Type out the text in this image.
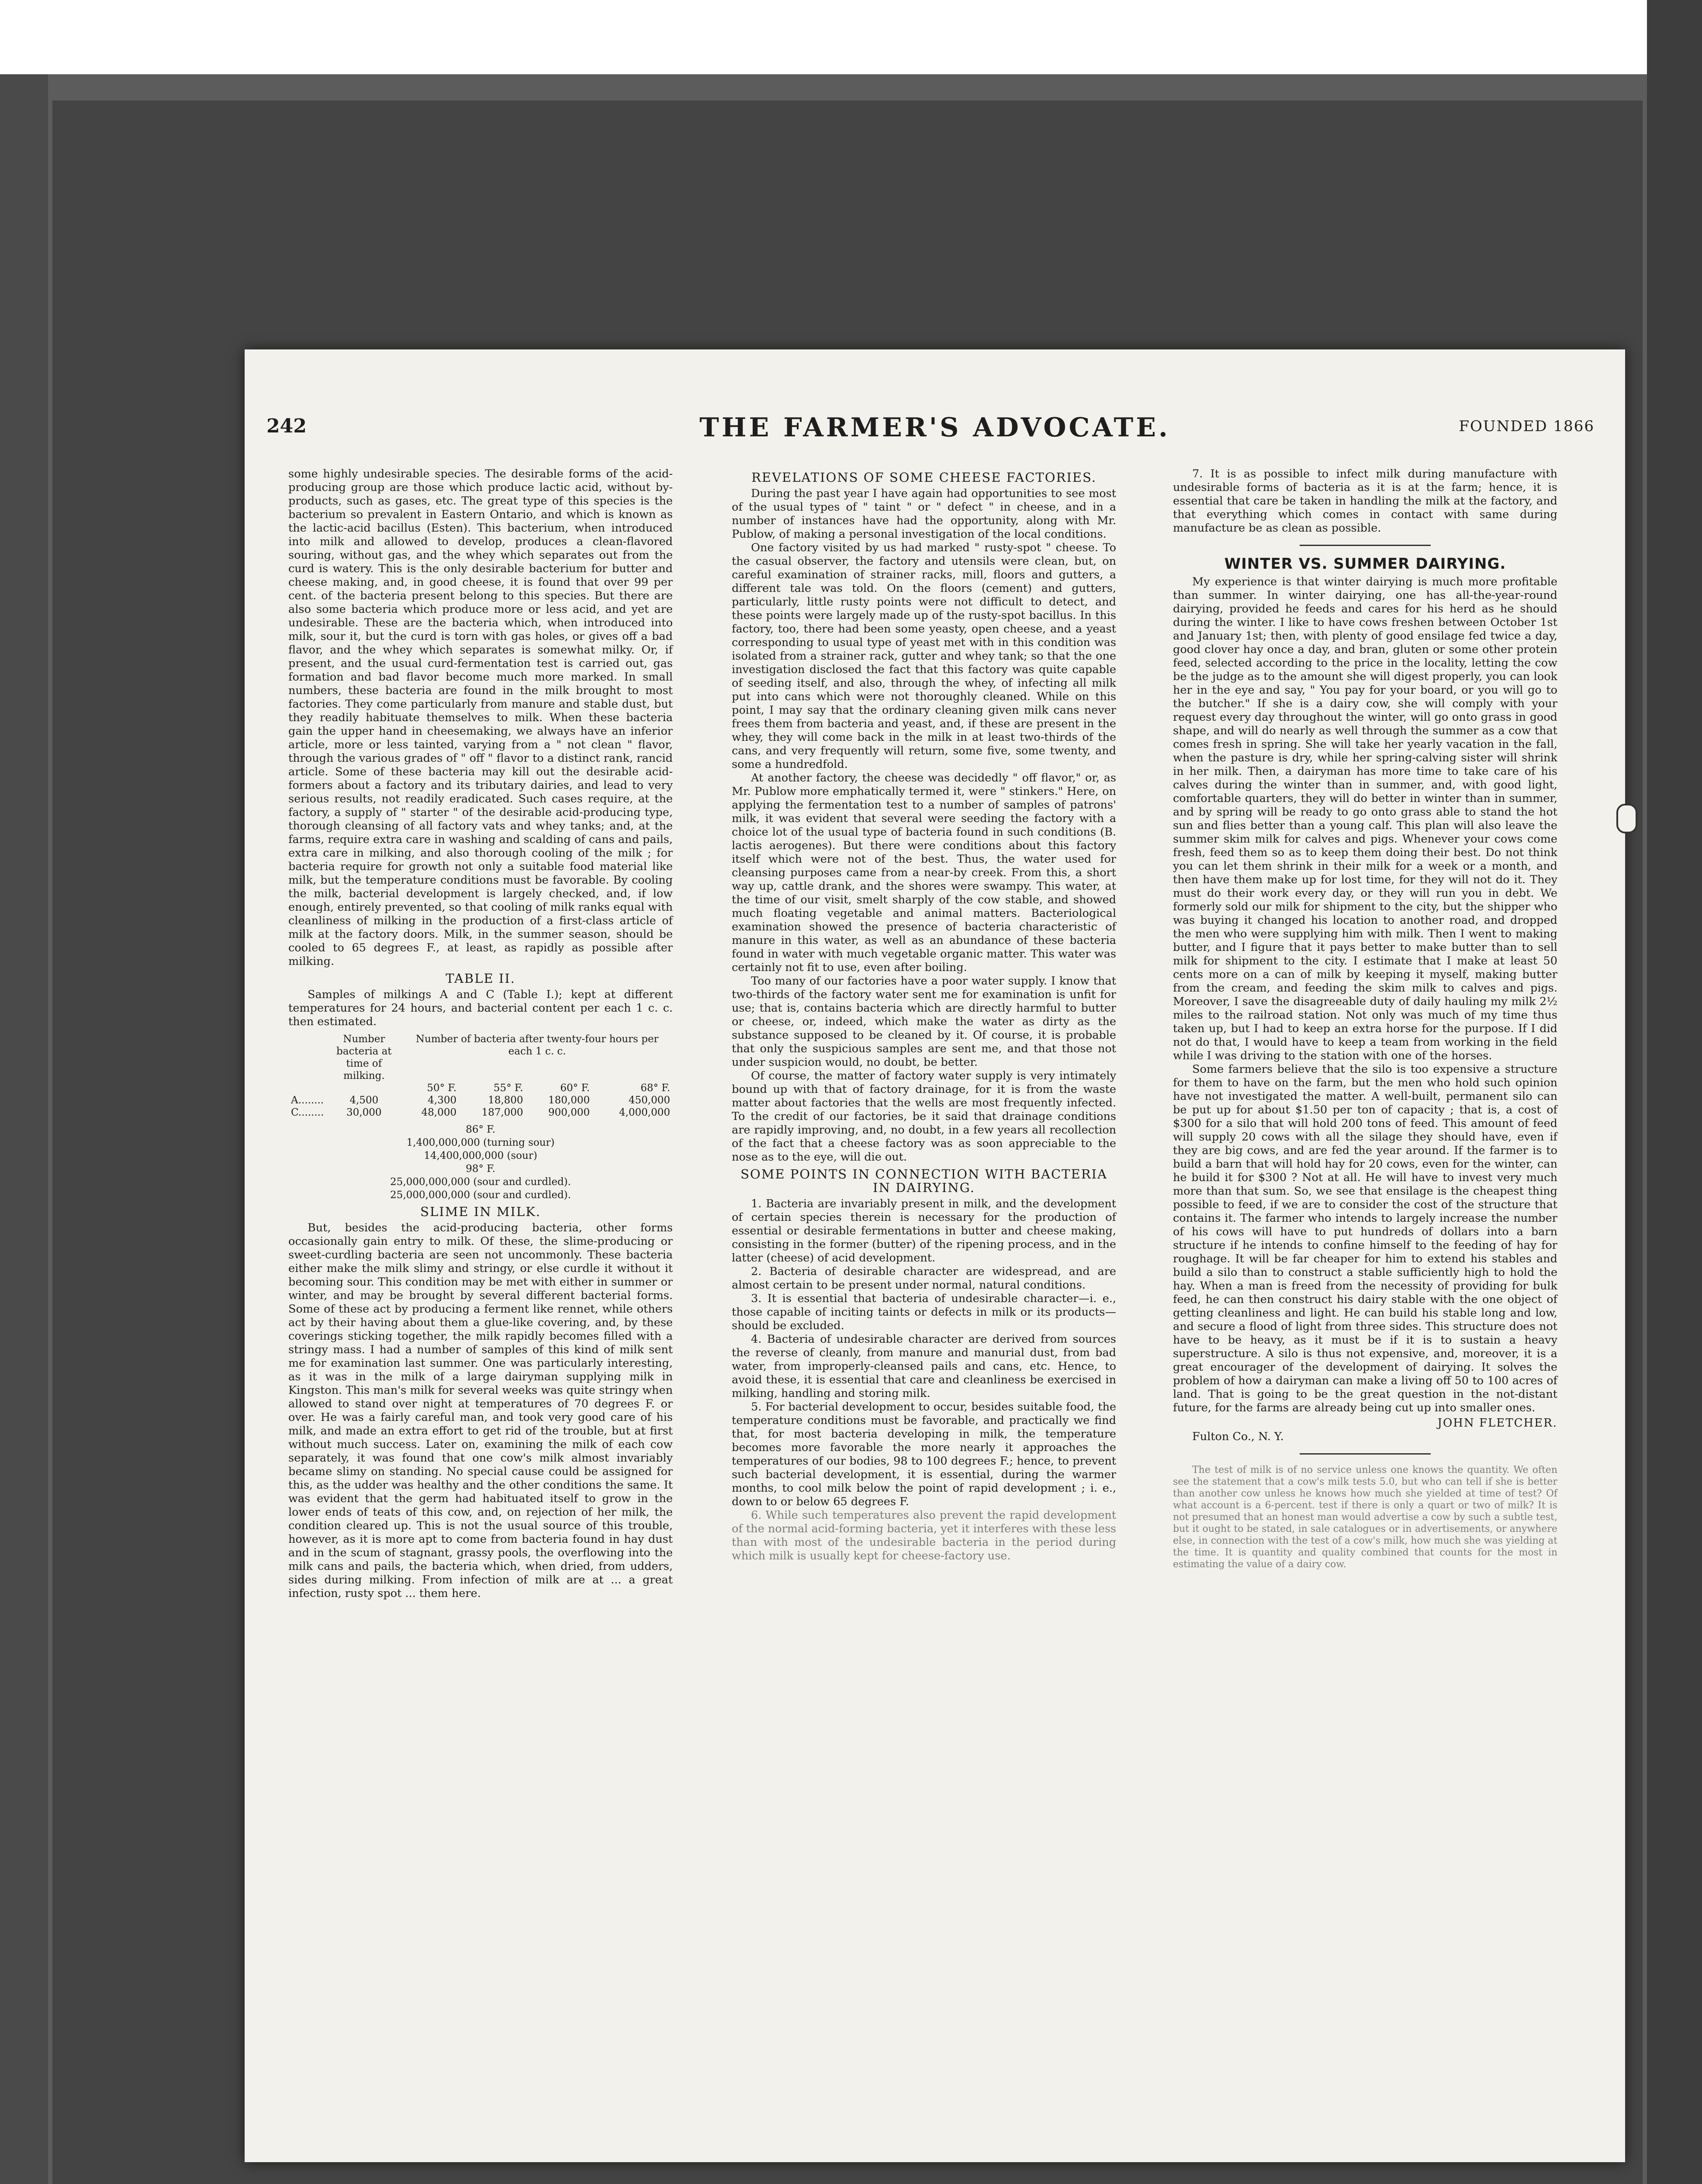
242	THE FARMER'S ADVOCATE.	FOUNDED 1866

some highly undesirable species. The desirable forms of the acid-producing group are those which produce lactic acid, without by-products, such as gases, etc. The great type of this species is the bacterium so prevalent in Eastern Ontario, and which is known as the lactic-acid bacillus (Esten). This bacterium, when introduced into milk and allowed to develop, produces a clean-flavored souring, without gas, and the whey which separates out from the curd is watery. This is the only desirable bacterium for butter and cheese making, and, in good cheese, it is found that over 99 per cent. of the bacteria present belong to this species. But there are also some bacteria which produce more or less acid, and yet are undesirable. These are the bacteria which, when introduced into milk, sour it, but the curd is torn with gas holes, or gives off a bad flavor, and the whey which separates is somewhat milky. Or, if present, and the usual curd-fermentation test is carried out, gas formation and bad flavor become much more marked. In small numbers, these bacteria are found in the milk brought to most factories. They come particularly from manure and stable dust, but they readily habituate themselves to milk. When these bacteria gain the upper hand in cheesemaking, we always have an inferior article, more or less tainted, varying from a " not clean " flavor, through the various grades of " off " flavor to a distinct rank, rancid article. Some of these bacteria may kill out the desirable acid-formers about a factory and its tributary dairies, and lead to very serious results, not readily eradicated. Such cases require, at the factory, a supply of " starter " of the desirable acid-producing type, thorough cleansing of all factory vats and whey tanks; and, at the farms, require extra care in washing and scalding of cans and pails, extra care in milking, and also thorough cooling of the milk ; for bacteria require for growth not only a suitable food material like milk, but the temperature conditions must be favorable. By cooling the milk, bacterial development is largely checked, and, if low enough, entirely prevented, so that cooling of milk ranks equal with cleanliness of milking in the production of a first-class article of milk at the factory doors. Milk, in the summer season, should be cooled to 65 degrees F., at least, as rapidly as possible after milking.

TABLE II.

Samples of milkings A and C (Table I.); kept at different temperatures for 24 hours, and bacterial content per each 1 c. c. then estimated.

	Number bacteria at time of milking.	Number of bacteria after twenty-four hours per each 1 c. c.			
		50° F.	55° F.	60° F.	68° F.
A........	4,500	4,300	18,800	180,000	450,000
C........	30,000	48,000	187,000	900,000	4,000,000
86° F.
1,400,000,000 (turning sour)
14,400,000,000 (sour)
98° F.
25,000,000,000 (sour and curdled).
25,000,000,000 (sour and curdled).
SLIME IN MILK.

But, besides the acid-producing bacteria, other forms occasionally gain entry to milk. Of these, the slime-producing or sweet-curdling bacteria are seen not uncommonly. These bacteria either make the milk slimy and stringy, or else curdle it without it becoming sour. This condition may be met with either in summer or winter, and may be brought by several different bacterial forms. Some of these act by producing a ferment like rennet, while others act by their having about them a glue-like covering, and, by these coverings sticking together, the milk rapidly becomes filled with a stringy mass. I had a number of samples of this kind of milk sent me for examination last summer. One was particularly interesting, as it was in the milk of a large dairyman supplying milk in Kingston. This man's milk for several weeks was quite stringy when allowed to stand over night at temperatures of 70 degrees F. or over. He was a fairly careful man, and took very good care of his milk, and made an extra effort to get rid of the trouble, but at first without much success. Later on, examining the milk of each cow separately, it was found that one cow's milk almost invariably became slimy on standing. No special cause could be assigned for this, as the udder was healthy and the other conditions the same. It was evident that the germ had habituated itself to grow in the lower ends of teats of this cow, and, on rejection of her milk, the condition cleared up. This is not the usual source of this trouble, however, as it is more apt to come from bacteria found in hay dust and in the scum of stagnant, grassy pools, the overflowing into the milk cans and pails, the bacteria which, when dried, from udders, sides during milking. From infection of milk are at ... a great infection, rusty spot ... them here.

REVELATIONS OF SOME CHEESE FACTORIES.

During the past year I have again had opportunities to see most of the usual types of " taint " or " defect " in cheese, and in a number of instances have had the opportunity, along with Mr. Publow, of making a personal investigation of the local conditions.

One factory visited by us had marked " rusty-spot " cheese. To the casual observer, the factory and utensils were clean, but, on careful examination of strainer racks, mill, floors and gutters, a different tale was told. On the floors (cement) and gutters, particularly, little rusty points were not difficult to detect, and these points were largely made up of the rusty-spot bacillus. In this factory, too, there had been some yeasty, open cheese, and a yeast corresponding to usual type of yeast met with in this condition was isolated from a strainer rack, gutter and whey tank; so that the one investigation disclosed the fact that this factory was quite capable of seeding itself, and also, through the whey, of infecting all milk put into cans which were not thoroughly cleaned. While on this point, I may say that the ordinary cleaning given milk cans never frees them from bacteria and yeast, and, if these are present in the whey, they will come back in the milk in at least two-thirds of the cans, and very frequently will return, some five, some twenty, and some a hundredfold.

At another factory, the cheese was decidedly " off flavor," or, as Mr. Publow more emphatically termed it, were " stinkers." Here, on applying the fermentation test to a number of samples of patrons' milk, it was evident that several were seeding the factory with a choice lot of the usual type of bacteria found in such conditions (B. lactis aerogenes). But there were conditions about this factory itself which were not of the best. Thus, the water used for cleansing purposes came from a near-by creek. From this, a short way up, cattle drank, and the shores were swampy. This water, at the time of our visit, smelt sharply of the cow stable, and showed much floating vegetable and animal matters. Bacteriological examination showed the presence of bacteria characteristic of manure in this water, as well as an abundance of these bacteria found in water with much vegetable organic matter. This water was certainly not fit to use, even after boiling.

Too many of our factories have a poor water supply. I know that two-thirds of the factory water sent me for examination is unfit for use; that is, contains bacteria which are directly harmful to butter or cheese, or, indeed, which make the water as dirty as the substance supposed to be cleaned by it. Of course, it is probable that only the suspicious samples are sent me, and that those not under suspicion would, no doubt, be better.

Of course, the matter of factory water supply is very intimately bound up with that of factory drainage, for it is from the waste matter about factories that the wells are most frequently infected. To the credit of our factories, be it said that drainage conditions are rapidly improving, and, no doubt, in a few years all recollection of the fact that a cheese factory was as soon appreciable to the nose as to the eye, will die out.

SOME POINTS IN CONNECTION WITH BACTERIA IN DAIRYING.

1. Bacteria are invariably present in milk, and the development of certain species therein is necessary for the production of essential or desirable fermentations in butter and cheese making, consisting in the former (butter) of the ripening process, and in the latter (cheese) of acid development.

2. Bacteria of desirable character are widespread, and are almost certain to be present under normal, natural conditions.

3. It is essential that bacteria of undesirable character—i. e., those capable of inciting taints or defects in milk or its products—should be excluded.

4. Bacteria of undesirable character are derived from sources the reverse of cleanly, from manure and manurial dust, from bad water, from improperly-cleansed pails and cans, etc. Hence, to avoid these, it is essential that care and cleanliness be exercised in milking, handling and storing milk.

5. For bacterial development to occur, besides suitable food, the temperature conditions must be favorable, and practically we find that, for most bacteria developing in milk, the temperature becomes more favorable the more nearly it approaches the temperatures of our bodies, 98 to 100 degrees F.; hence, to prevent such bacterial development, it is essential, during the warmer months, to cool milk below the point of rapid development ; i. e., down to or below 65 degrees F.

6. While such temperatures also prevent the rapid development of the normal acid-forming bacteria, yet it interferes with these less than with most of the undesirable bacteria in the period during which milk is usually kept for cheese-factory use.

7. It is as possible to infect milk during manufacture with undesirable forms of bacteria as it is at the farm; hence, it is essential that care be taken in handling the milk at the factory, and that everything which comes in contact with same during manufacture be as clean as possible.

WINTER VS. SUMMER DAIRYING.

My experience is that winter dairying is much more profitable than summer. In winter dairying, one has all-the-year-round dairying, provided he feeds and cares for his herd as he should during the winter. I like to have cows freshen between October 1st and January 1st; then, with plenty of good ensilage fed twice a day, good clover hay once a day, and bran, gluten or some other protein feed, selected according to the price in the locality, letting the cow be the judge as to the amount she will digest properly, you can look her in the eye and say, " You pay for your board, or you will go to the butcher." If she is a dairy cow, she will comply with your request every day throughout the winter, will go onto grass in good shape, and will do nearly as well through the summer as a cow that comes fresh in spring. She will take her yearly vacation in the fall, when the pasture is dry, while her spring-calving sister will shrink in her milk. Then, a dairyman has more time to take care of his calves during the winter than in summer, and, with good light, comfortable quarters, they will do better in winter than in summer, and by spring will be ready to go onto grass able to stand the hot sun and flies better than a young calf. This plan will also leave the summer skim milk for calves and pigs. Whenever your cows come fresh, feed them so as to keep them doing their best. Do not think you can let them shrink in their milk for a week or a month, and then have them make up for lost time, for they will not do it. They must do their work every day, or they will run you in debt. We formerly sold our milk for shipment to the city, but the shipper who was buying it changed his location to another road, and dropped the men who were supplying him with milk. Then I went to making butter, and I figure that it pays better to make butter than to sell milk for shipment to the city. I estimate that I make at least 50 cents more on a can of milk by keeping it myself, making butter from the cream, and feeding the skim milk to calves and pigs. Moreover, I save the disagreeable duty of daily hauling my milk 2½ miles to the railroad station. Not only was much of my time thus taken up, but I had to keep an extra horse for the purpose. If I did not do that, I would have to keep a team from working in the field while I was driving to the station with one of the horses.

Some farmers believe that the silo is too expensive a structure for them to have on the farm, but the men who hold such opinion have not investigated the matter. A well-built, permanent silo can be put up for about $1.50 per ton of capacity ; that is, a cost of $300 for a silo that will hold 200 tons of feed. This amount of feed will supply 20 cows with all the silage they should have, even if they are big cows, and are fed the year around. If the farmer is to build a barn that will hold hay for 20 cows, even for the winter, can he build it for $300 ? Not at all. He will have to invest very much more than that sum. So, we see that ensilage is the cheapest thing possible to feed, if we are to consider the cost of the structure that contains it. The farmer who intends to largely increase the number of his cows will have to put hundreds of dollars into a barn structure if he intends to confine himself to the feeding of hay for roughage. It will be far cheaper for him to extend his stables and build a silo than to construct a stable sufficiently high to hold the hay. When a man is freed from the necessity of providing for bulk feed, he can then construct his dairy stable with the one object of getting cleanliness and light. He can build his stable long and low, and secure a flood of light from three sides. This structure does not have to be heavy, as it must be if it is to sustain a heavy superstructure. A silo is thus not expensive, and, moreover, it is a great encourager of the development of dairying. It solves the problem of how a dairyman can make a living off 50 to 100 acres of land. That is going to be the great question in the not-distant future, for the farms are already being cut up into smaller ones.

JOHN FLETCHER.

Fulton Co., N. Y.

The test of milk is of no service unless one knows the quantity. We often see the statement that a cow's milk tests 5.0, but who can tell if she is better than another cow unless he knows how much she yielded at time of test? Of what account is a 6-percent. test if there is only a quart or two of milk? It is not presumed that an honest man would advertise a cow by such a subtle test, but it ought to be stated, in sale catalogues or in advertisements, or anywhere else, in connection with the test of a cow's milk, how much she was yielding at the time. It is quantity and quality combined that counts for the most in estimating the value of a dairy cow.
